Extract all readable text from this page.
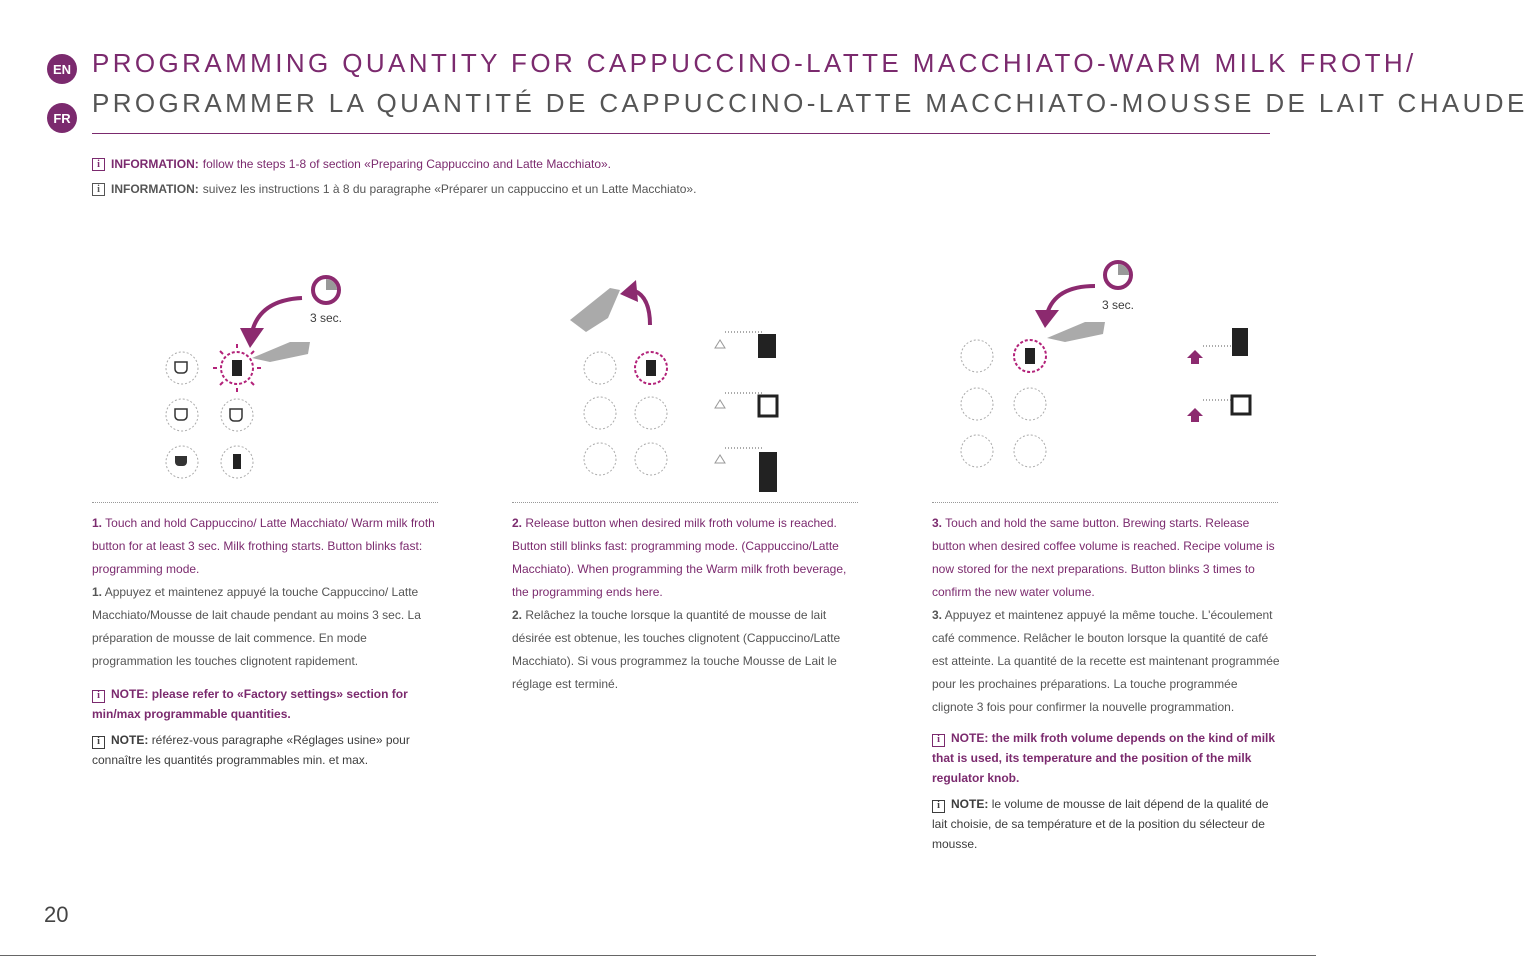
EN
FR
PROGRAMMING QUANTITY FOR CAPPUCCINO-LATTE MACCHIATO-WARM MILK FROTH/
PROGRAMMER LA QUANTITÉ DE CAPPUCCINO-LATTE MACCHIATO-MOUSSE DE LAIT CHAUDE
i INFORMATION: follow the steps 1-8 of section «Preparing Cappuccino and Latte Macchiato».
i INFORMATION: suivez les instructions 1 à 8 du paragraphe «Préparer un cappuccino et un Latte Macchiato».
3 sec.
3 sec.
1. Touch and hold Cappuccino/ Latte Macchiato/ Warm milk froth button for at least 3 sec. Milk frothing starts. Button blinks fast: programming mode.
1. Appuyez et maintenez appuyé la touche Cappuccino/ Latte Macchiato/Mousse de lait chaude pendant au moins 3 sec. La préparation de mousse de lait commence. En mode programmation les touches clignotent rapidement.
i NOTE: please refer to «Factory settings» section for min/max programmable quantities.
i NOTE: référez-vous paragraphe «Réglages usine» pour connaître les quantités programmables min. et max.
2. Release button when desired milk froth volume is reached. Button still blinks fast: programming mode. (Cappuccino/Latte Macchiato). When programming the Warm milk froth beverage, the programming ends here.
2. Relâchez la touche lorsque la quantité de mousse de lait désirée est obtenue, les touches clignotent (Cappuccino/Latte Macchiato). Si vous programmez la touche Mousse de Lait le réglage est terminé.
3. Touch and hold the same button. Brewing starts. Release button when desired coffee volume is reached. Recipe volume is now stored for the next preparations. Button blinks 3 times to confirm the new water volume.
3. Appuyez et maintenez appuyé la même touche. L'écoulement café commence. Relâcher le bouton lorsque la quantité de café est atteinte. La quantité de la recette est maintenant programmée pour les prochaines préparations. La touche programmée clignote 3 fois pour confirmer la nouvelle programmation.
i NOTE: the milk froth volume depends on the kind of milk that is used, its temperature and the position of the milk regulator knob.
i NOTE: le volume de mousse de lait dépend de la qualité de lait choisie, de sa température et de la position du sélecteur de mousse.
20
